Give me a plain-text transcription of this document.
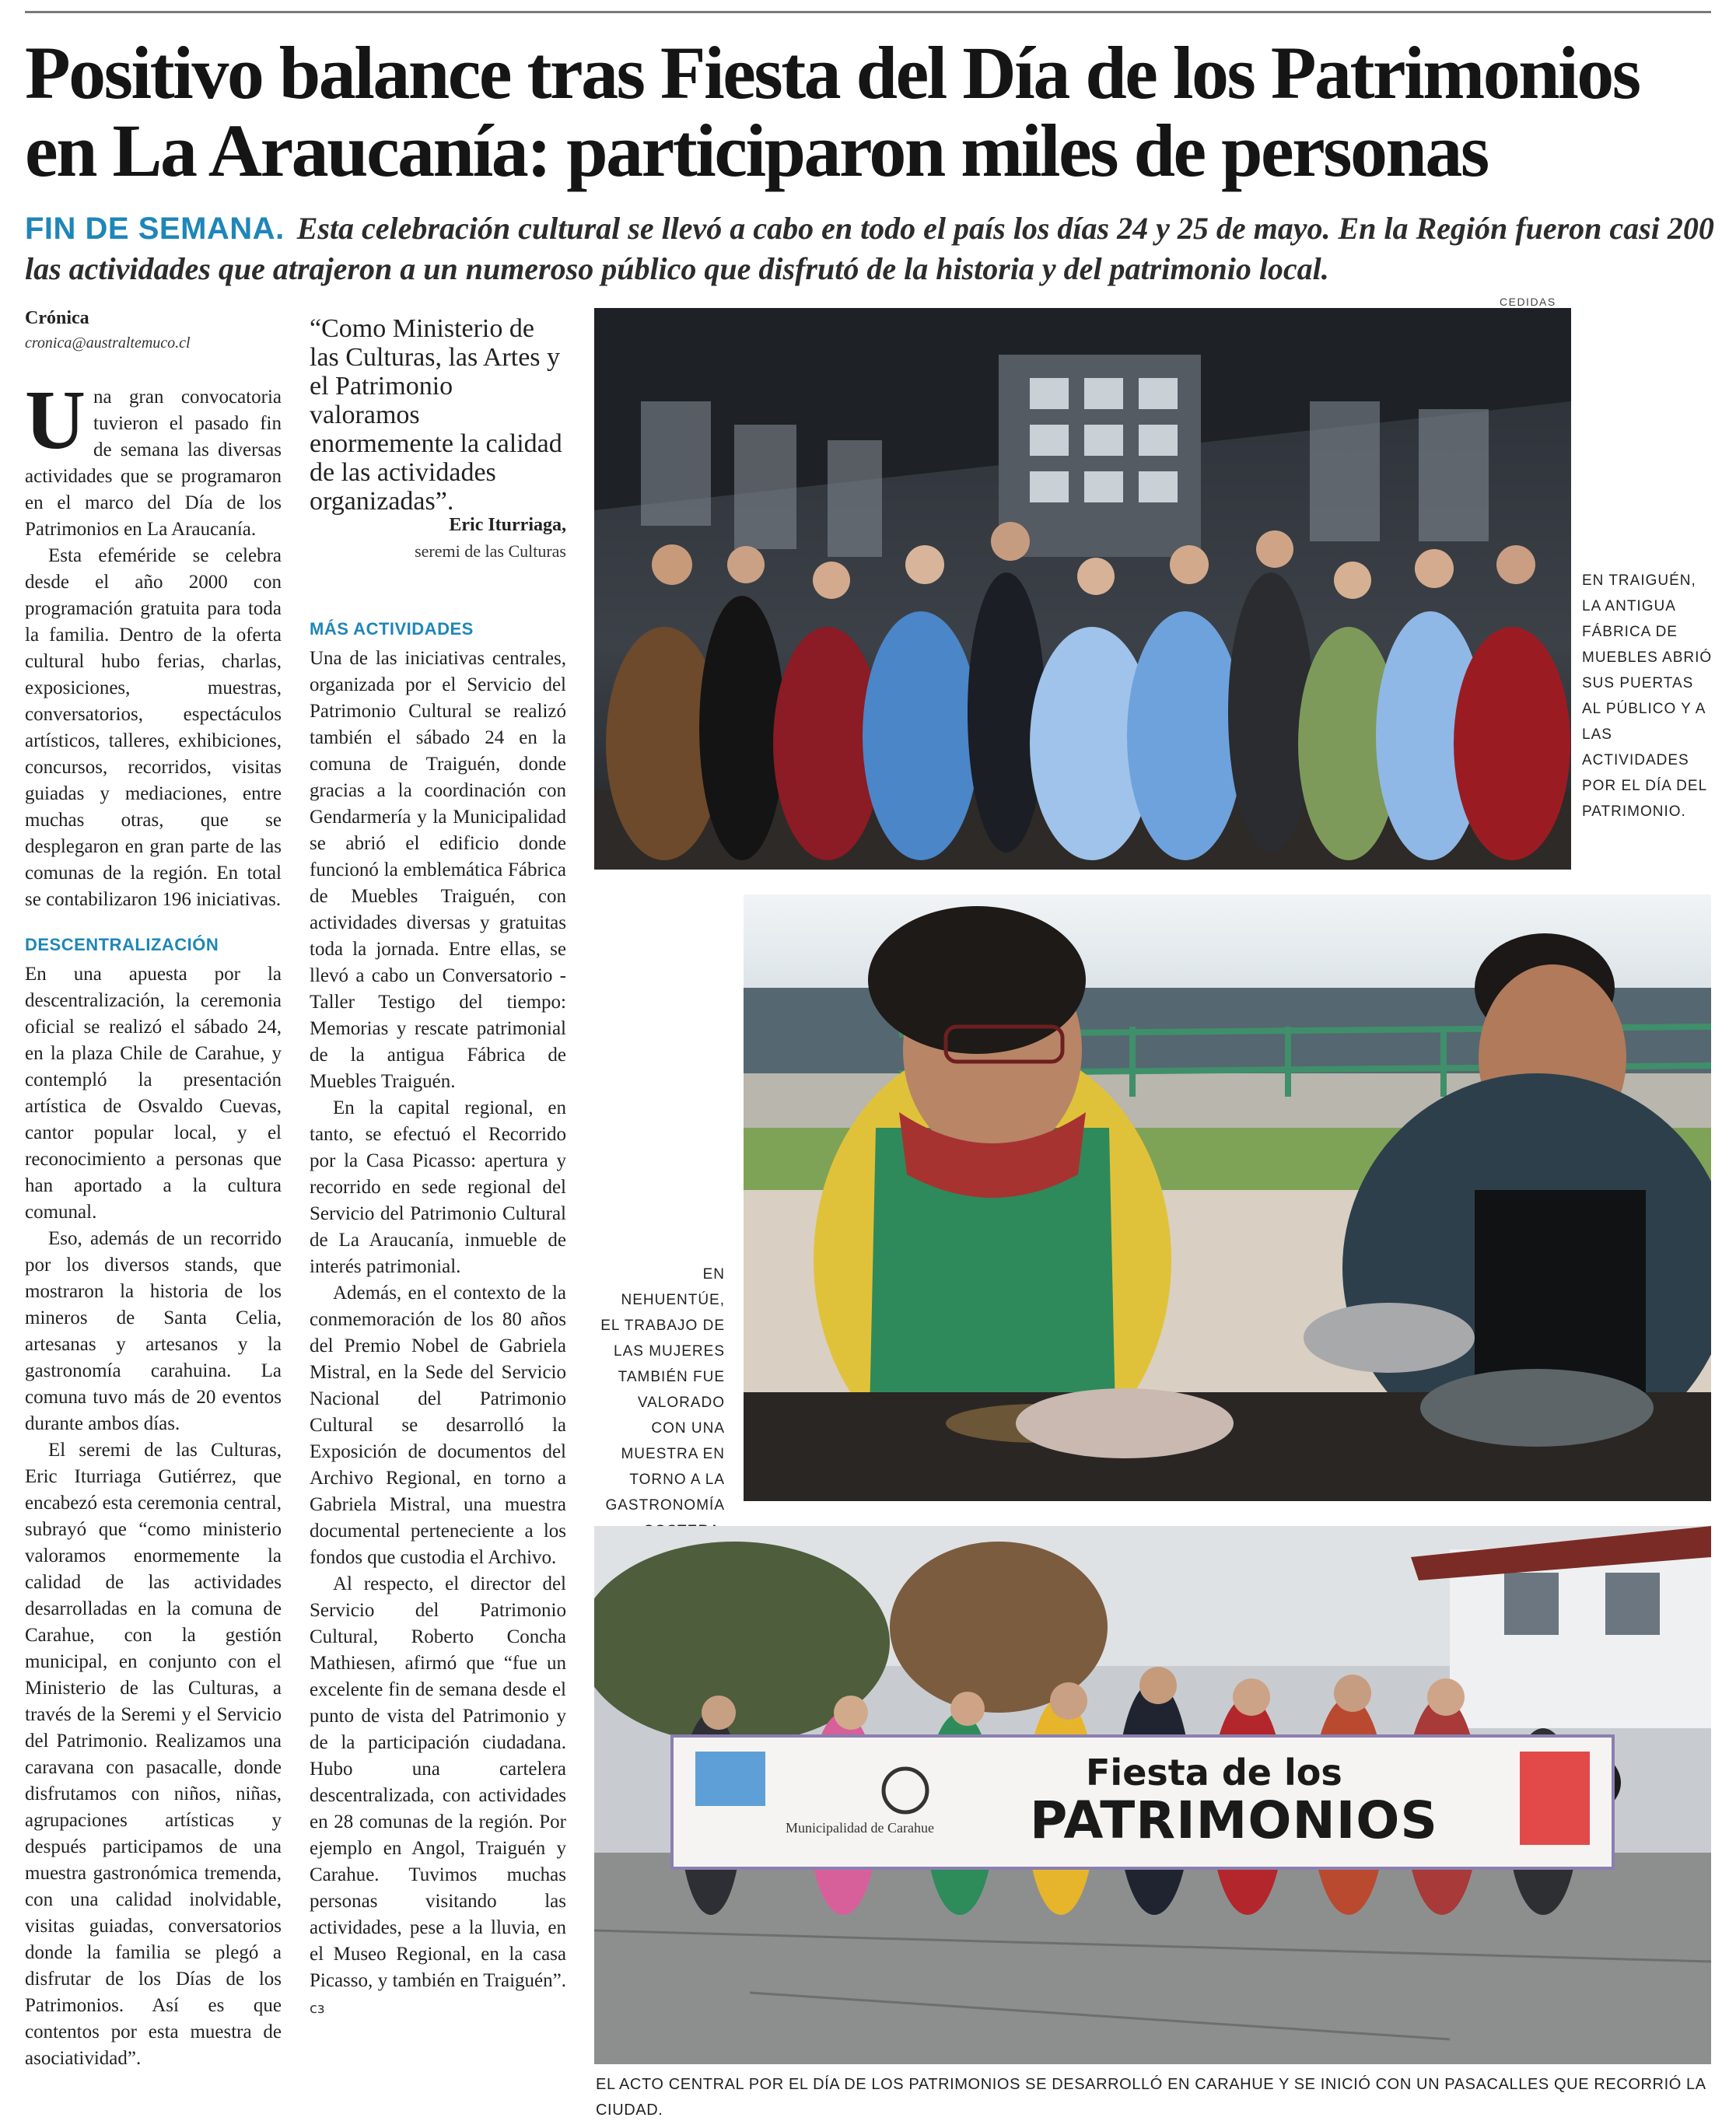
Positivo balance tras Fiesta del Día de los Patrimonios en La Araucanía: participaron miles de personas
FIN DE SEMANA. Esta celebración cultural se llevó a cabo en todo el país los días 24 y 25 de mayo. En la Región fueron casi 200 las actividades que atrajeron a un numeroso público que disfrutó de la historia y del patrimonio local.
CEDIDAS
Crónica
cronica@australtemuco.cl

Una gran convocatoria tuvieron el pasado fin de semana las diversas actividades que se programaron en el marco del Día de los Patrimonios en La Araucanía.

Esta efeméride se celebra desde el año 2000 con programación gratuita para toda la familia. Dentro de la oferta cultural hubo ferias, charlas, exposiciones, muestras, conversatorios, espectáculos artísticos, talleres, exhibiciones, concursos, recorridos, visitas guiadas y mediaciones, entre muchas otras, que se desplegaron en gran parte de las comunas de la región. En total se contabilizaron 196 iniciativas.

DESCENTRALIZACIÓN

En una apuesta por la descentralización, la ceremonia oficial se realizó el sábado 24, en la plaza Chile de Carahue, y contempló la presentación artística de Osvaldo Cuevas, cantor popular local, y el reconocimiento a personas que han aportado a la cultura comunal.

Eso, además de un recorrido por los diversos stands, que mostraron la historia de los mineros de Santa Celia, artesanas y artesanos y la gastronomía carahuina. La comuna tuvo más de 20 eventos durante ambos días.

El seremi de las Culturas, Eric Iturriaga Gutiérrez, que encabezó esta ceremonia central, subrayó que “como ministerio valoramos enormemente la calidad de las actividades desarrolladas en la comuna de Carahue, con la gestión municipal, en conjunto con el Ministerio de las Culturas, a través de la Seremi y el Servicio del Patrimonio. Realizamos una caravana con pasacalle, donde disfrutamos con niños, niñas, agrupaciones artísticas y después participamos de una muestra gastronómica tremenda, con una calidad inolvidable, visitas guiadas, conversatorios donde la familia se plegó a disfrutar de los Días de los Patrimonios. Así es que contentos por esta muestra de asociatividad”.

“Como Ministerio de las Culturas, las Artes y el Patrimonio valoramos enormemente la calidad de las actividades organizadas”.
Eric Iturriaga,
seremi de las Culturas
MÁS ACTIVIDADES

Una de las iniciativas centrales, organizada por el Servicio del Patrimonio Cultural se realizó también el sábado 24 en la comuna de Traiguén, donde gracias a la coordinación con Gendarmería y la Municipalidad se abrió el edificio donde funcionó la emblemática Fábrica de Muebles Traiguén, con actividades diversas y gratuitas toda la jornada. Entre ellas, se llevó a cabo un Conversatorio - Taller Testigo del tiempo: Memorias y rescate patrimonial de la antigua Fábrica de Muebles Traiguén.

En la capital regional, en tanto, se efectuó el Recorrido por la Casa Picasso: apertura y recorrido en sede regional del Servicio del Patrimonio Cultural de La Araucanía, inmueble de interés patrimonial.

Además, en el contexto de la conmemoración de los 80 años del Premio Nobel de Gabriela Mistral, en la Sede del Servicio Nacional del Patrimonio Cultural se desarrolló la Exposición de documentos del Archivo Regional, en torno a Gabriela Mistral, una muestra documental perteneciente a los fondos que custodia el Archivo.

Al respecto, el director del Servicio del Patrimonio Cultural, Roberto Concha Mathiesen, afirmó que “fue un excelente fin de semana desde el punto de vista del Patrimonio y de la participación ciudadana. Hubo una cartelera descentralizada, con actividades en 28 comunas de la región. Por ejemplo en Angol, Traiguén y Carahue. Tuvimos muchas personas visitando las actividades, pese a la lluvia, en el Museo Regional, en la casa Picasso, y también en Traiguén”. cз

EN TRAIGUÉN, LA ANTIGUA FÁBRICA DE MUEBLES ABRIÓ SUS PUERTAS AL PÚBLICO Y A LAS ACTIVIDADES POR EL DÍA DEL PATRIMONIO.
EN NEHUENTÚE, EL TRABAJO DE LAS MUJERES TAMBIÉN FUE VALORADO CON UNA MUESTRA EN TORNO A LA GASTRONOMÍA
Municipalidad de Carahue
Fiesta de los
PATRIMONIOS
EL ACTO CENTRAL POR EL DÍA DE LOS PATRIMONIOS SE DESARROLLÓ EN CARAHUE Y SE INICIÓ CON UN PASACALLES QUE RECORRIÓ LA CIUDAD.
